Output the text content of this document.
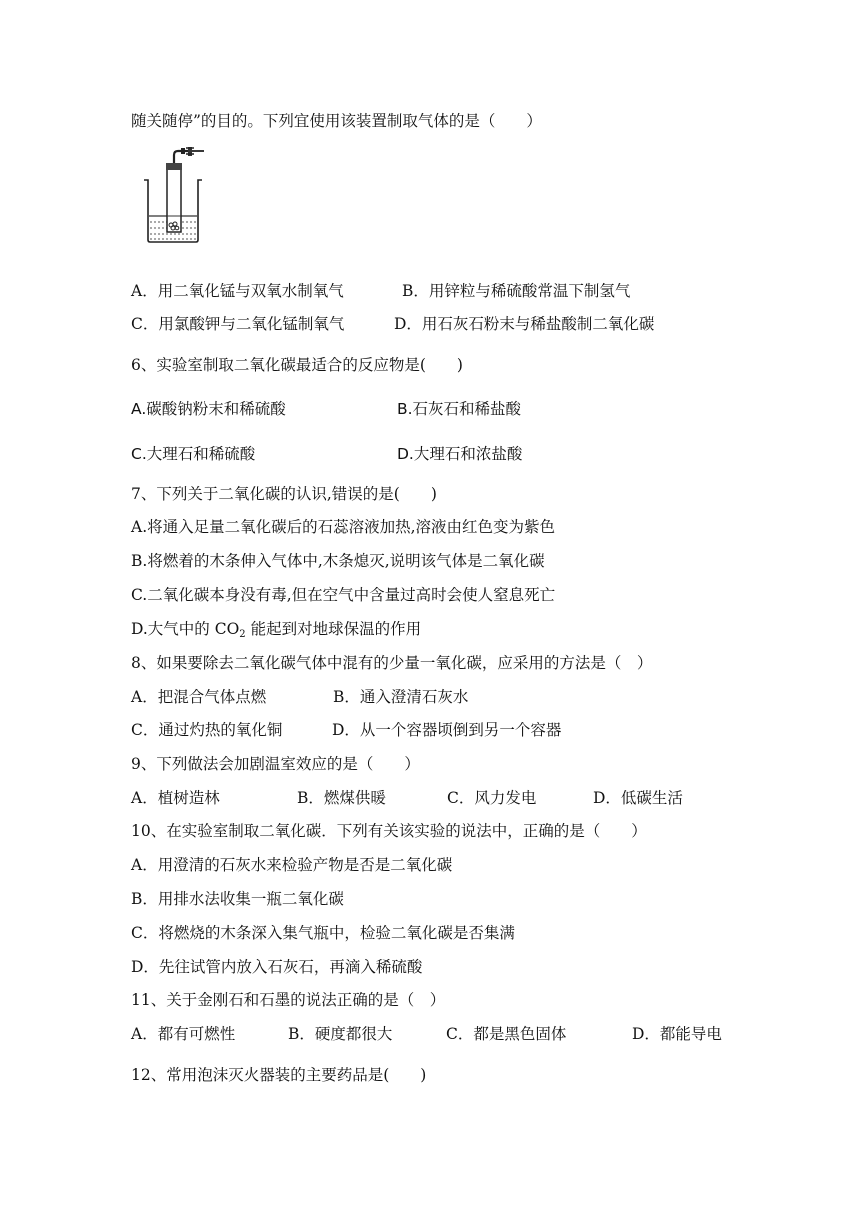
随关随停”的目的。下列宜使用该装置制取气体的是（　　）
A．用二氧化锰与双氧水制氧气	B．用锌粒与稀硫酸常温下制氢气
C．用氯酸钾与二氧化锰制氧气	D．用石灰石粉末与稀盐酸制二氧化碳
6、实验室制取二氧化碳最适合的反应物是(　　)
A.碳酸钠粉末和稀硫酸	B.石灰石和稀盐酸
C.大理石和稀硫酸	D.大理石和浓盐酸
7、下列关于二氧化碳的认识,错误的是(　　)
A.将通入足量二氧化碳后的石蕊溶液加热,溶液由红色变为紫色
B.将燃着的木条伸入气体中,木条熄灭,说明该气体是二氧化碳
C.二氧化碳本身没有毒,但在空气中含量过高时会使人窒息死亡
D.大气中的 $CO_2$ 能起到对地球保温的作用
8、如果要除去二氧化碳气体中混有的少量一氧化碳，应采用的方法是（　）
A．把混合气体点燃	B．通入澄清石灰水
C．通过灼热的氧化铜	D．从一个容器顷倒到另一个容器
9、下列做法会加剧温室效应的是（　　）
A．植树造林	B．燃煤供暖	C．风力发电	D．低碳生活
10、在实验室制取二氧化碳．下列有关该实验的说法中，正确的是（　　）
A．用澄清的石灰水来检验产物是否是二氧化碳
B．用排水法收集一瓶二氧化碳
C．将燃烧的木条深入集气瓶中，检验二氧化碳是否集满
D．先往试管内放入石灰石，再滴入稀硫酸
11、关于金刚石和石墨的说法正确的是（　）
A．都有可燃性	B．硬度都很大	C．都是黑色固体	D．都能导电
12、常用泡沫灭火器装的主要药品是(　　)
